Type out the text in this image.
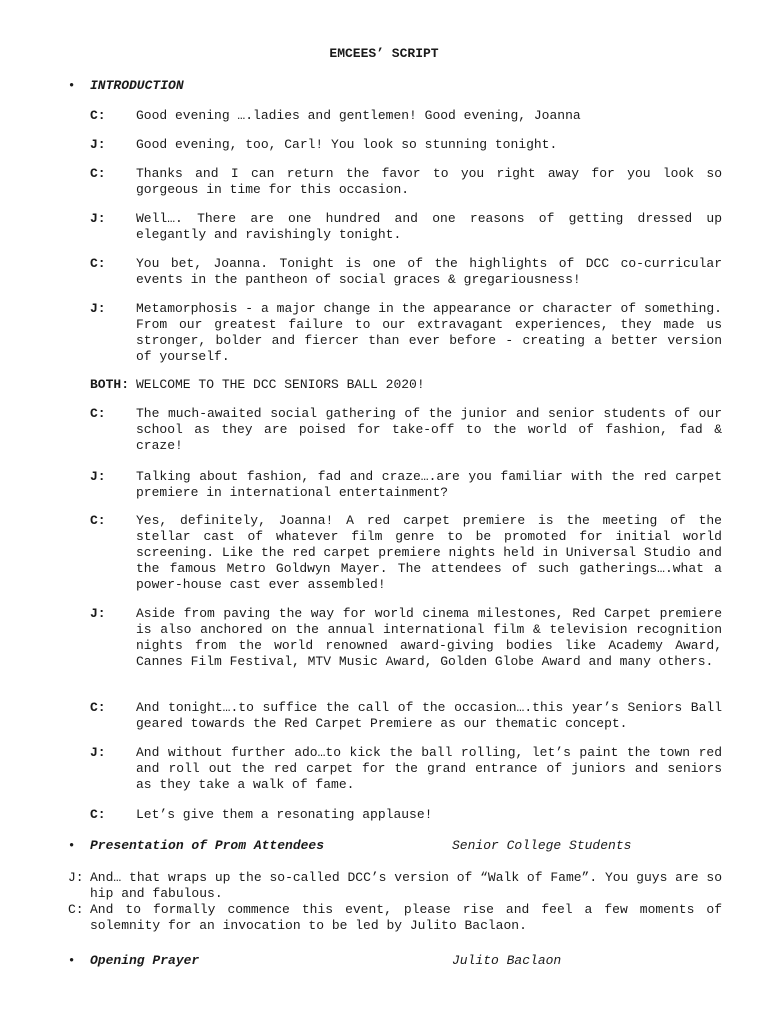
EMCEES’ SCRIPT
• INTRODUCTION
C:	Good evening ….ladies and gentlemen! Good evening, Joanna
J:	Good evening, too, Carl! You look so stunning tonight.
C:	Thanks and I can return the favor to you right away for you look so gorgeous in time for this occasion.
J:	Well…. There are one hundred and one reasons of getting dressed up elegantly and ravishingly tonight.
C:	You bet, Joanna. Tonight is one of the highlights of DCC co-curricular events in the pantheon of social graces & gregariousness!
J:	Metamorphosis - a major change in the appearance or character of something. From our greatest failure to our extravagant experiences, they made us stronger, bolder and fiercer than ever before - creating a better version of yourself.
BOTH: WELCOME TO THE DCC SENIORS BALL 2020!
C:	The much-awaited social gathering of the junior and senior students of our school as they are poised for take-off to the world of fashion, fad & craze!
J:	Talking about fashion, fad and craze….are you familiar with the red carpet premiere in international entertainment?
C:	Yes, definitely, Joanna! A red carpet premiere is the meeting of the stellar cast of whatever film genre to be promoted for initial world screening. Like the red carpet premiere nights held in Universal Studio and the famous Metro Goldwyn Mayer. The attendees of such gatherings….what a power-house cast ever assembled!
J:	Aside from paving the way for world cinema milestones, Red Carpet premiere is also anchored on the annual international film & television recognition nights from the world renowned award-giving bodies like Academy Award, Cannes Film Festival, MTV Music Award, Golden Globe Award and many others.
C:	And tonight….to suffice the call of the occasion….this year’s Seniors Ball geared towards the Red Carpet Premiere as our thematic concept.
J:	And without further ado…to kick the ball rolling, let’s paint the town red and roll out the red carpet for the grand entrance of juniors and seniors as they take a walk of fame.
C:	Let’s give them a resonating applause!
• Presentation of Prom Attendees	Senior College Students
J: And… that wraps up the so-called DCC’s version of “Walk of Fame”. You guys are so hip and fabulous.
C: And to formally commence this event, please rise and feel a few moments of solemnity for an invocation to be led by Julito Baclaon.
• Opening Prayer	Julito Baclaon
